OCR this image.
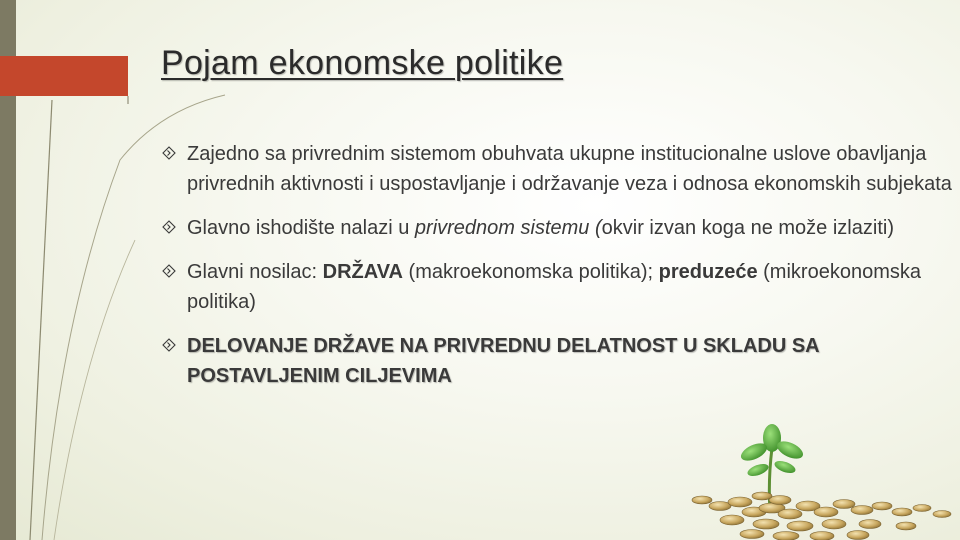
Pojam ekonomske politike
Zajedno sa privrednim sistemom obuhvata ukupne institucionalne uslove obavljanja privrednih aktivnosti i uspostavljanje i održavanje veza i odnosa ekonomskih subjekata
Glavno ishodište nalazi u privrednom sistemu (okvir izvan koga ne može izlaziti)
Glavni nosilac: DRŽAVA (makroekonomska politika); preduzeće (mikroekonomska politika)
DELOVANJE DRŽAVE NA PRIVREDNU DELATNOST U SKLADU SA POSTAVLJENIM CILJEVIMA
